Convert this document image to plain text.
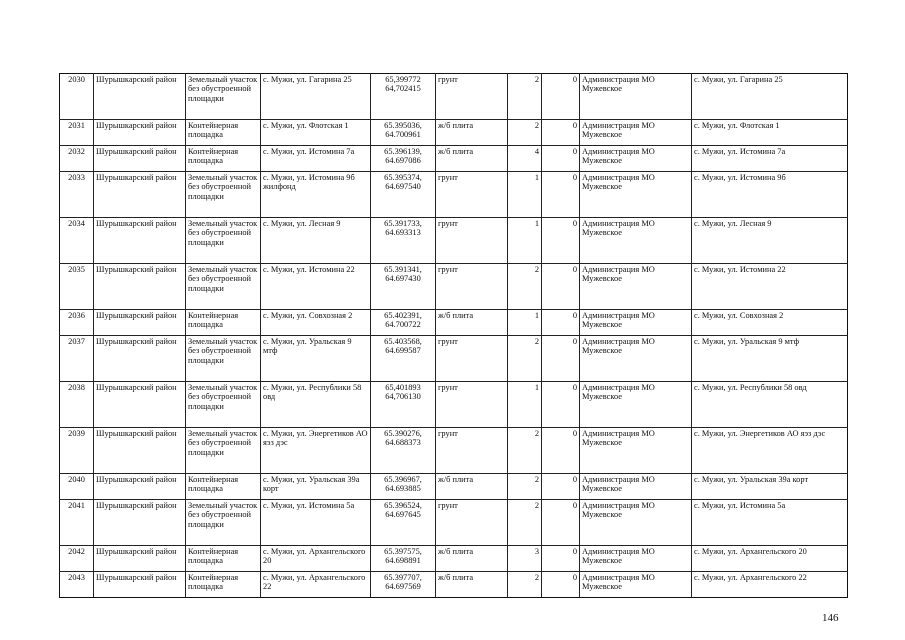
2030	Шурышкарский район	Земельный участок без обустроенной площадки	с. Мужи, ул. Гагарина 25	65,399772 64,702415	грунт	2	0	Администрация МО Мужевское	с. Мужи, ул. Гагарина 25
2031	Шурышкарский район	Контейнерная площадка	с. Мужи, ул. Флотская 1	65.395036, 64.700961	ж/б плита	2	0	Администрация МО Мужевское	с. Мужи, ул. Флотская 1
2032	Шурышкарский район	Контейнерная площадка	с. Мужи, ул. Истомина 7а	65.396139, 64.697086	ж/б плита	4	0	Администрация МО Мужевское	с. Мужи, ул. Истомина 7а
2033	Шурышкарский район	Земельный участок без обустроенной площадки	с. Мужи, ул. Истомина 9б жилфонд	65.395374, 64.697540	грунт	1	0	Администрация МО Мужевское	с. Мужи, ул. Истомина 9б
2034	Шурышкарский район	Земельный участок без обустроенной площадки	с. Мужи, ул. Лесная 9	65.391733, 64.693313	грунт	1	0	Администрация МО Мужевское	с. Мужи, ул. Лесная 9
2035	Шурышкарский район	Земельный участок без обустроенной площадки	с. Мужи, ул. Истомина 22	65.391341, 64.697430	грунт	2	0	Администрация МО Мужевское	с. Мужи, ул. Истомина 22
2036	Шурышкарский район	Контейнерная площадка	с. Мужи, ул. Совхозная 2	65.402391, 64.700722	ж/б плита	1	0	Администрация МО Мужевское	с. Мужи, ул. Совхозная 2
2037	Шурышкарский район	Земельный участок без обустроенной площадки	с. Мужи, ул. Уральская 9 мтф	65.403568, 64.699587	грунт	2	0	Администрация МО Мужевское	с. Мужи, ул. Уральская 9 мтф
2038	Шурышкарский район	Земельный участок без обустроенной площадки	с. Мужи, ул. Республики 58 овд	65,401893 64,706130	грунт	1	0	Администрация МО Мужевское	с. Мужи, ул. Республики 58 овд
2039	Шурышкарский район	Земельный участок без обустроенной площадки	с. Мужи, ул. Энергетиков АО яэз дэс	65.390276, 64.688373	грунт	2	0	Администрация МО Мужевское	с. Мужи, ул. Энергетиков АО яэз дэс
2040	Шурышкарский район	Контейнерная площадка	с. Мужи, ул. Уральская 39а корт	65.396967, 64.693885	ж/б плита	2	0	Администрация МО Мужевское	с. Мужи, ул. Уральская 39а корт
2041	Шурышкарский район	Земельный участок без обустроенной площадки	с. Мужи, ул. Истомина 5а	65.396524, 64.697645	грунт	2	0	Администрация МО Мужевское	с. Мужи, ул. Истомина 5а
2042	Шурышкарский район	Контейнерная площадка	с. Мужи, ул. Архангельского 20	65.397575, 64.698891	ж/б плита	3	0	Администрация МО Мужевское	с. Мужи, ул. Архангельского 20
2043	Шурышкарский район	Контейнерная площадка	с. Мужи, ул. Архангельского 22	65.397707, 64.697569	ж/б плита	2	0	Администрация МО Мужевское	с. Мужи, ул. Архангельского 22
146
